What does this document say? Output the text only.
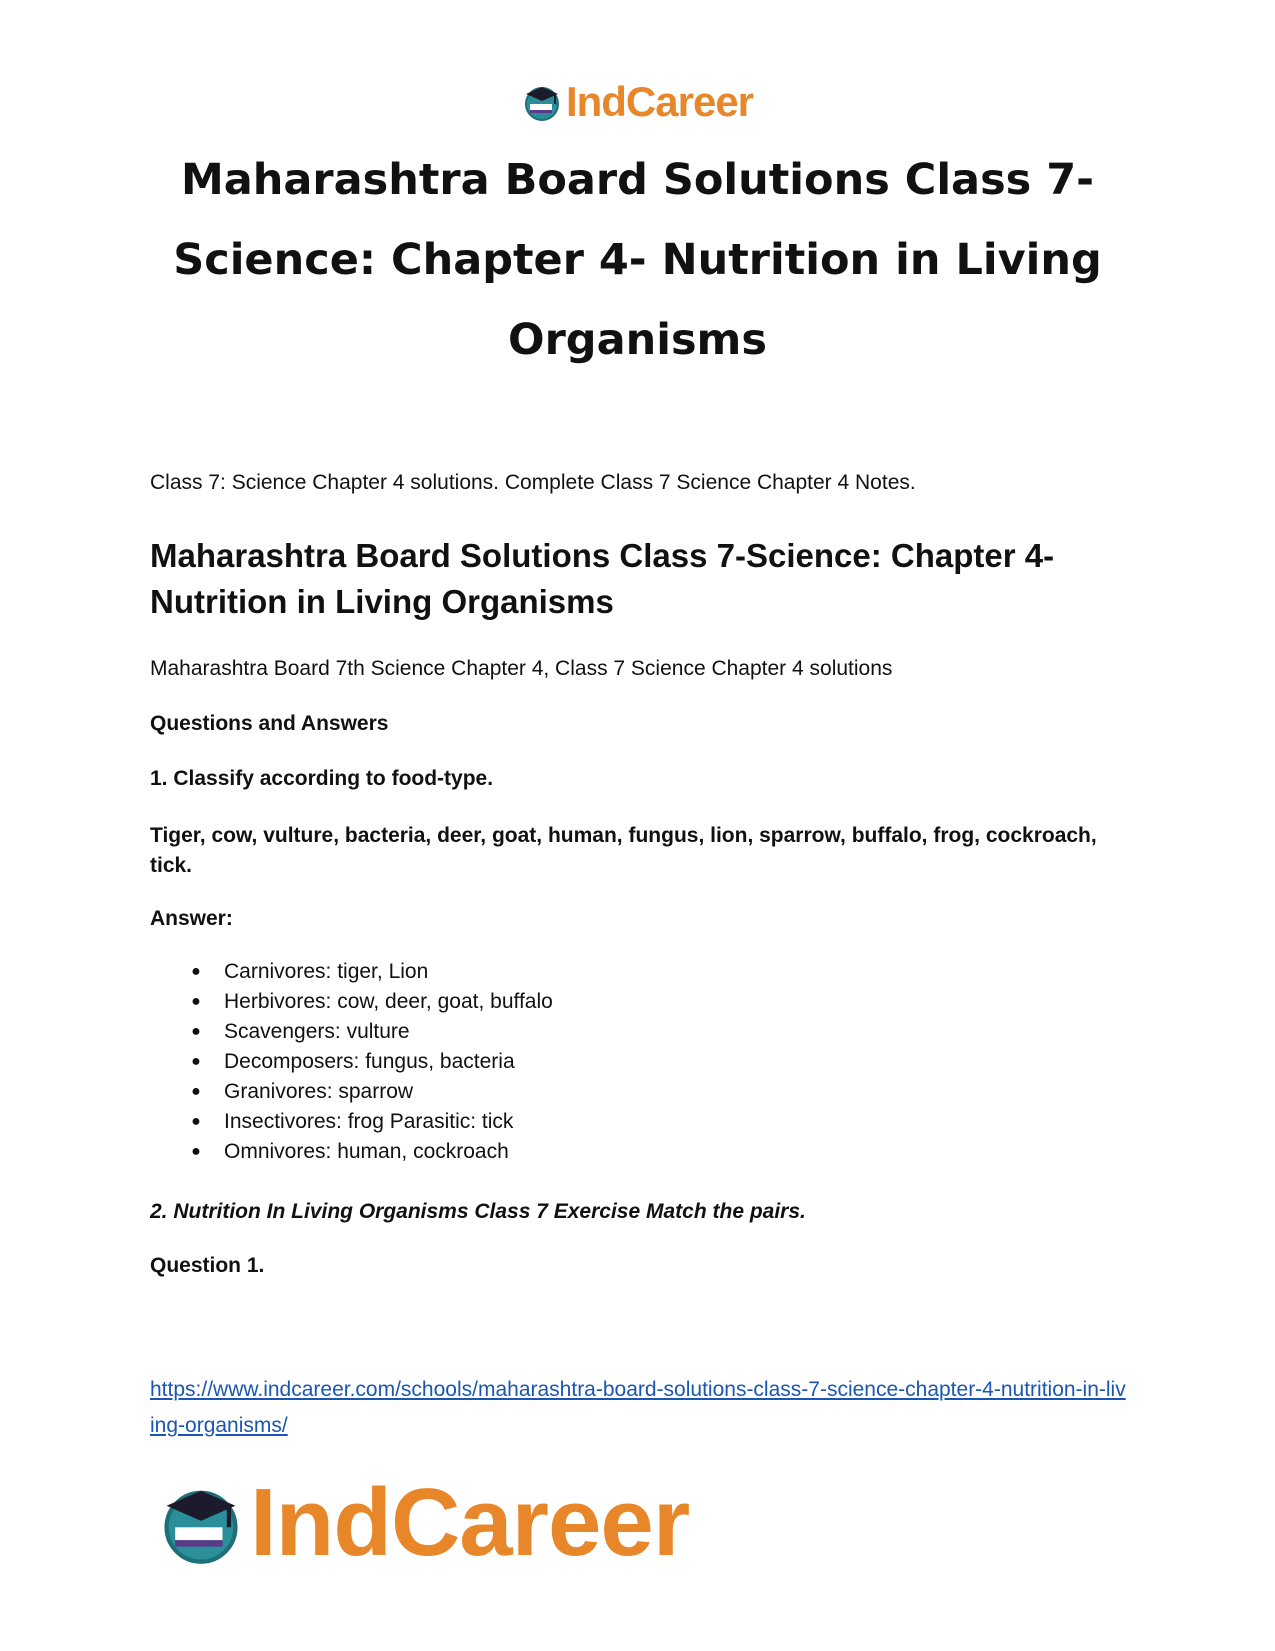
IndCareer
Maharashtra Board Solutions Class 7-Science: Chapter 4- Nutrition in Living Organisms

Class 7: Science Chapter 4 solutions. Complete Class 7 Science Chapter 4 Notes.

Maharashtra Board Solutions Class 7-Science: Chapter 4- Nutrition in Living Organisms

Maharashtra Board 7th Science Chapter 4, Class 7 Science Chapter 4 solutions

Questions and Answers

1. Classify according to food-type.

Tiger, cow, vulture, bacteria, deer, goat, human, fungus, lion, sparrow, buffalo, frog, cockroach, tick.

Answer:

● Carnivores: tiger, Lion
● Herbivores: cow, deer, goat, buffalo
● Scavengers: vulture
● Decomposers: fungus, bacteria
● Granivores: sparrow
● Insectivores: frog Parasitic: tick
● Omnivores: human, cockroach

2. Nutrition In Living Organisms Class 7 Exercise Match the pairs.

Question 1.

https://www.indcareer.com/schools/maharashtra-board-solutions-class-7-science-chapter-4-nutrition-in-living-organisms/
IndCareer
